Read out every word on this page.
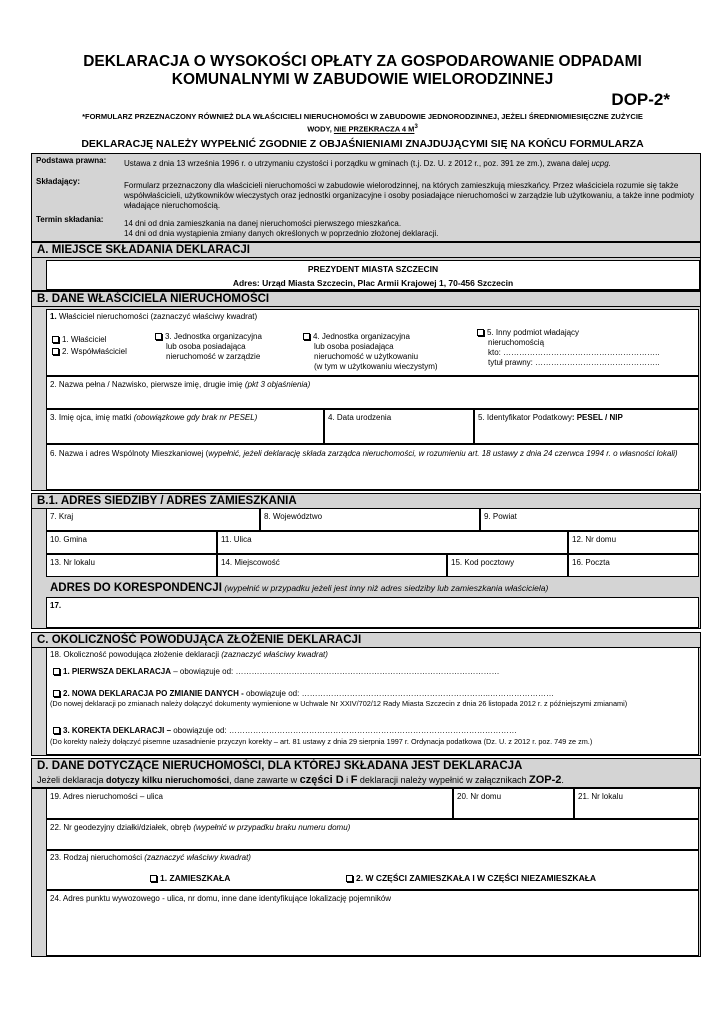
DEKLARACJA O WYSOKOŚCI OPŁATY ZA GOSPODAROWANIE ODPADAMI
KOMUNALNYMI W ZABUDOWIE WIELORODZINNEJ
DOP-2*
*FORMULARZ PRZEZNACZONY RÓWNIEŻ DLA WŁAŚCICIELI NIERUCHOMOŚCI W ZABUDOWIE JEDNORODZINNEJ, JEŻELI ŚREDNIOMIESIĘCZNE ZUŻYCIE
WODY, NIE PRZEKRACZA 4 $M^3$
DEKLARACJĘ NALEŻY WYPEŁNIĆ ZGODNIE Z OBJAŚNIENIAMI ZNAJDUJĄCYMI SIĘ NA KOŃCU FORMULARZA
Podstawa prawna: Ustawa z dnia 13 września 1996 r. o utrzymaniu czystości i porządku w gminach (t.j. Dz. U. z 2012 r., poz. 391 ze zm.), zwana dalej ucpg.
Składający:	Formularz przeznaczony dla właścicieli nieruchomości w zabudowie wielorodzinnej, na których zamieszkują mieszkańcy. Przez właściciela rozumie się także współwłaścicieli, użytkowników wieczystych oraz jednostki organizacyjne i osoby posiadające nieruchomości w zarządzie lub użytkowaniu, a także inne podmioty władające nieruchomością.
Termin składania:	14 dni od dnia zamieszkania na danej nieruchomości pierwszego mieszkańca.
14 dni od dnia wystąpienia zmiany danych określonych w poprzednio złożonej deklaracji.
A. MIEJSCE SKŁADANIA DEKLARACJI
PREZYDENT MIASTA SZCZECIN
Adres: Urząd Miasta Szczecin, Plac Armii Krajowej 1, 70-456 Szczecin
B. DANE WŁAŚCICIELA NIERUCHOMOŚCI
1. Właściciel nieruchomości (zaznaczyć właściwy kwadrat)
1. Właściciel
2. Współwłaściciel
3. Jednostka organizacyjna
lub osoba posiadająca
nieruchomość w zarządzie
4. Jednostka organizacyjna
lub osoba posiadająca
nieruchomość w użytkowaniu
(w tym w użytkowaniu wieczystym)
5. Inny podmiot władający
nieruchomością
kto: …………………………………………………..
tytuł prawny: ………………………………………..
2. Nazwa pełna / Nazwisko, pierwsze imię, drugie imię (pkt 3 objaśnienia)
3. Imię ojca, imię matki (obowiązkowe gdy brak nr PESEL)	4. Data urodzenia	5. Identyfikator Podatkowy: PESEL / NIP
6. Nazwa i adres Wspólnoty Mieszkaniowej (wypełnić, jeżeli deklarację składa zarządca nieruchomości, w rozumieniu art. 18 ustawy z dnia 24 czerwca 1994 r. o własności lokali)
B.1. ADRES SIEDZIBY / ADRES ZAMIESZKANIA
7. Kraj	8. Województwo	9. Powiat
10. Gmina	11. Ulica	12. Nr domu
13. Nr lokalu	14. Miejscowość	15. Kod pocztowy	16. Poczta
ADRES DO KORESPONDENCJI (wypełnić w przypadku jeżeli jest inny niż adres siedziby lub zamieszkania właściciela)
17.
C. OKOLICZNOŚĆ POWODUJĄCA ZŁOŻENIE DEKLARACJI
18. Okoliczność powodująca złożenie deklaracji (zaznaczyć właściwy kwadrat)
1. PIERWSZA DEKLARACJA – obowiązuje od: ………………………………………………………………………………………
2. NOWA DEKLARACJA PO ZMIANIE DANYCH - obowiązuje od: ……………………………………………………………..……………………
(Do nowej deklaracji po zmianach należy dołączyć dokumenty wymienione w Uchwale Nr XXIV/702/12 Rady Miasta Szczecin z dnia 26 listopada 2012 r. z późniejszymi zmianami)
3. KOREKTA DEKLARACJI – obowiązuje od: ………………………………………………………………………………………………
(Do korekty należy dołączyć pisemne uzasadnienie przyczyn korekty – art. 81 ustawy z dnia 29 sierpnia 1997 r. Ordynacja podatkowa (Dz. U. z 2012 r. poz. 749 ze zm.)
D. DANE DOTYCZĄCE NIERUCHOMOŚCI, DLA KTÓREJ SKŁADANA JEST DEKLARACJA
Jeżeli deklaracja dotyczy kilku nieruchomości, dane zawarte w części D i F deklaracji należy wypełnić w załącznikach ZOP-2.
19. Adres nieruchomości – ulica	20. Nr domu	21. Nr lokalu
22. Nr geodezyjny działki/działek, obręb (wypełnić w przypadku braku numeru domu)
23. Rodzaj nieruchomości (zaznaczyć właściwy kwadrat)
1. ZAMIESZKAŁA	2. W CZĘŚCI ZAMIESZKAŁA I W CZĘŚCI NIEZAMIESZKAŁA
24. Adres punktu wywozowego - ulica, nr domu, inne dane identyfikujące lokalizację pojemników
